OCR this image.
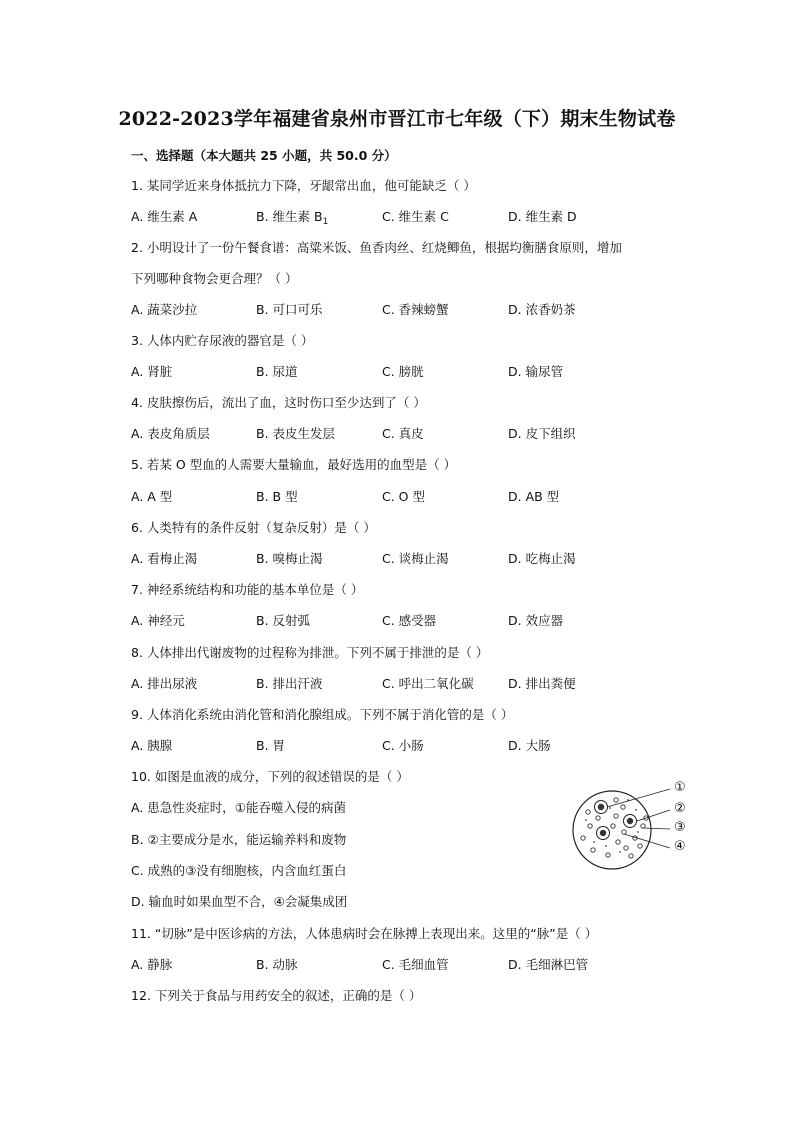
2022-2023学年福建省泉州市晋江市七年级（下）期末生物试卷
一、选择题（本大题共 25 小题，共 50.0 分）
1. 某同学近来身体抵抗力下降，牙龈常出血，他可能缺乏（ ）
A. 维生素 A	B. 维生素 $B_1$	C. 维生素 C	D. 维生素 D
2. 小明设计了一份午餐食谱：高粱米饭、鱼香肉丝、红烧鲫鱼，根据均衡膳食原则，增加
下列哪种食物会更合理？（ ）
A. 蔬菜沙拉	B. 可口可乐	C. 香辣螃蟹	D. 浓香奶茶
3. 人体内贮存尿液的器官是（ ）
A. 肾脏	B. 尿道	C. 膀胱	D. 输尿管
4. 皮肤擦伤后，流出了血，这时伤口至少达到了（ ）
A. 表皮角质层	B. 表皮生发层	C. 真皮	D. 皮下组织
5. 若某 O 型血的人需要大量输血，最好选用的血型是（ ）
A. A 型	B. B 型	C. O 型	D. AB 型
6. 人类特有的条件反射（复杂反射）是（ ）
A. 看梅止渴	B. 嗅梅止渴	C. 谈梅止渴	D. 吃梅止渴
7. 神经系统结构和功能的基本单位是（ ）
A. 神经元	B. 反射弧	C. 感受器	D. 效应器
8. 人体排出代谢废物的过程称为排泄。下列不属于排泄的是（ ）
A. 排出尿液	B. 排出汗液	C. 呼出二氧化碳	D. 排出粪便
9. 人体消化系统由消化管和消化腺组成。下列不属于消化管的是（ ）
A. 胰腺	B. 胃	C. 小肠	D. 大肠
10. 如图是血液的成分，下列的叙述错误的是（ ）
A. 患急性炎症时，①能吞噬入侵的病菌
B. ②主要成分是水，能运输养料和废物
C. 成熟的③没有细胞核，内含血红蛋白
D. 输血时如果血型不合，④会凝集成团
①
②
③
④
11. “切脉”是中医诊病的方法，人体患病时会在脉搏上表现出来。这里的“脉”是（ ）
A. 静脉	B. 动脉	C. 毛细血管	D. 毛细淋巴管
12. 下列关于食品与用药安全的叙述，正确的是（ ）
